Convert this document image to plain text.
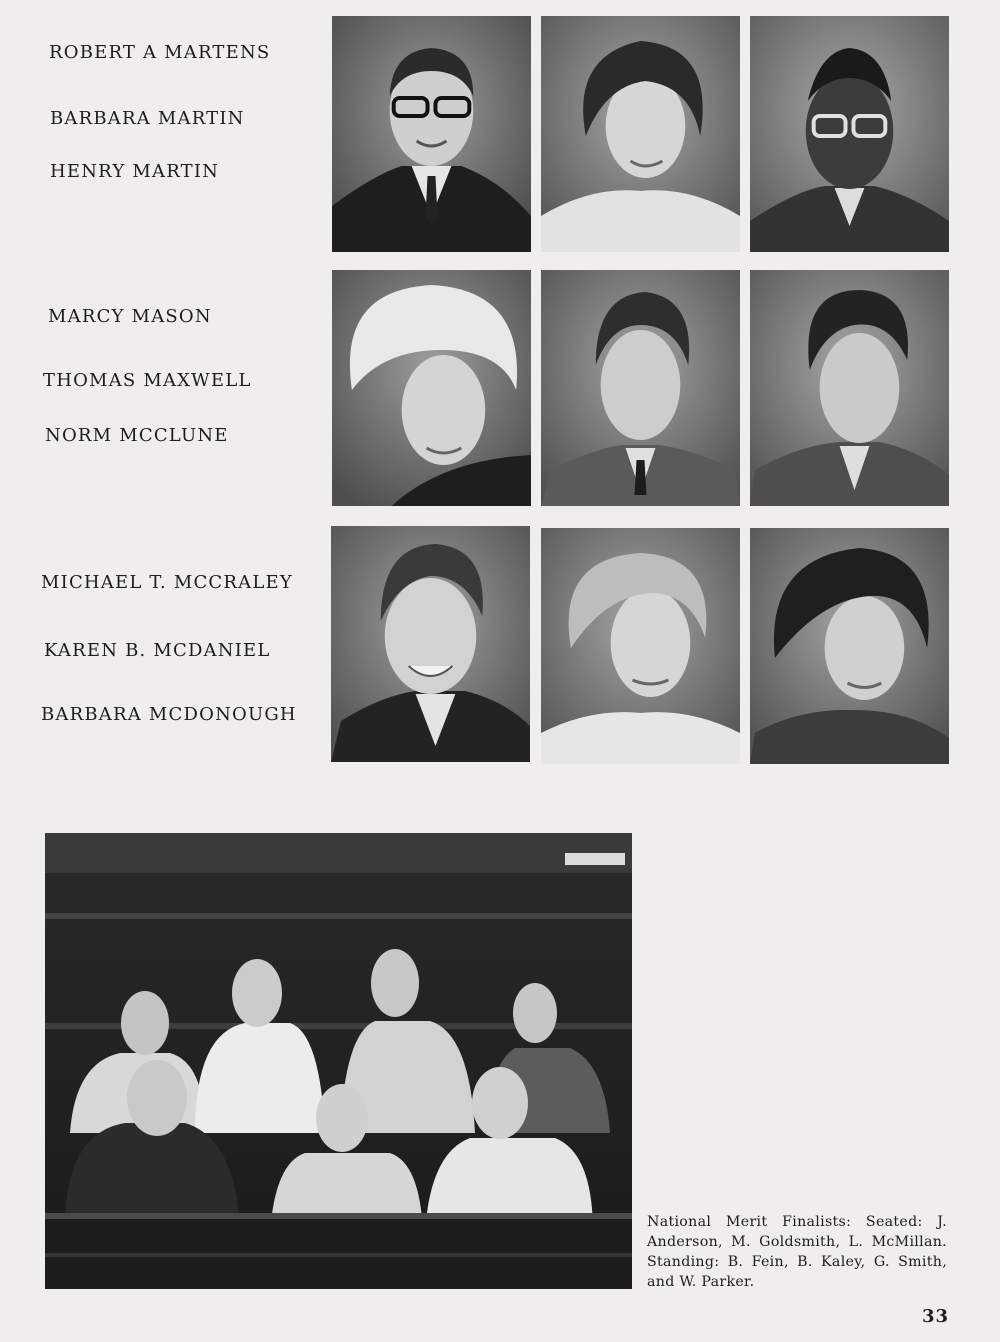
ROBERT A MARTENS
BARBARA MARTIN
HENRY MARTIN
MARCY MASON
THOMAS MAXWELL
NORM MCCLUNE
MICHAEL T. MCCRALEY
KAREN B. MCDANIEL
BARBARA MCDONOUGH
National Merit Finalists: Seated: J. Anderson, M. Goldsmith, L. McMillan. Standing: B. Fein, B. Kaley, G. Smith, and W. Parker.
33
